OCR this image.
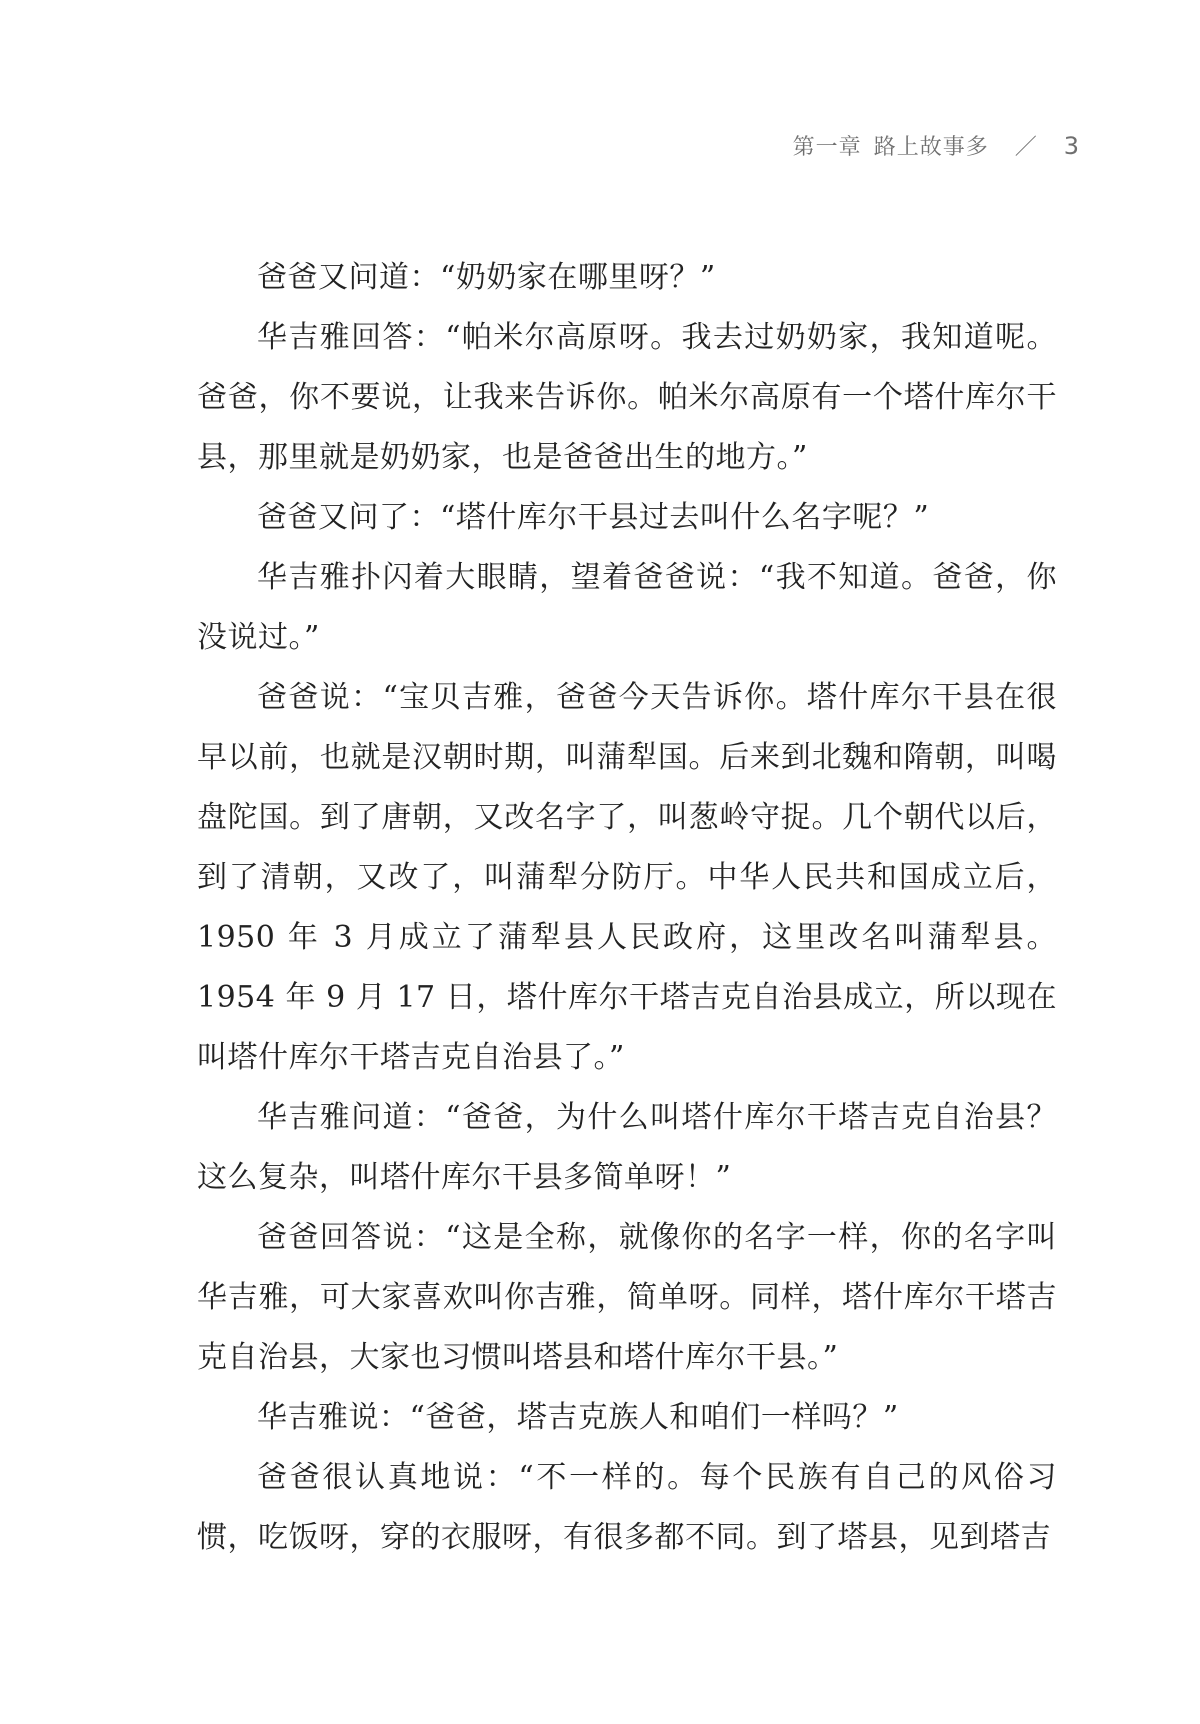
第一章 路上故事多 ／ 3

爸爸又问道：“奶奶家在哪里呀？”

华吉雅回答：“帕米尔高原呀。我去过奶奶家，我知道呢。爸爸，你不要说，让我来告诉你。帕米尔高原有一个塔什库尔干县，那里就是奶奶家，也是爸爸出生的地方。”

爸爸又问了：“塔什库尔干县过去叫什么名字呢？”

华吉雅扑闪着大眼睛，望着爸爸说：“我不知道。爸爸，你没说过。”

爸爸说：“宝贝吉雅，爸爸今天告诉你。塔什库尔干县在很早以前，也就是汉朝时期，叫蒲犁国。后来到北魏和隋朝，叫喝盘陀国。到了唐朝，又改名字了，叫葱岭守捉。几个朝代以后，到了清朝，又改了，叫蒲犁分防厅。中华人民共和国成立后，1950 年 3 月成立了蒲犁县人民政府，这里改名叫蒲犁县。1954 年 9 月 17 日，塔什库尔干塔吉克自治县成立，所以现在叫塔什库尔干塔吉克自治县了。”

华吉雅问道：“爸爸，为什么叫塔什库尔干塔吉克自治县？这么复杂，叫塔什库尔干县多简单呀！”

爸爸回答说：“这是全称，就像你的名字一样，你的名字叫华吉雅，可大家喜欢叫你吉雅，简单呀。同样，塔什库尔干塔吉克自治县，大家也习惯叫塔县和塔什库尔干县。”

华吉雅说：“爸爸，塔吉克族人和咱们一样吗？”

爸爸很认真地说：“不一样的。每个民族有自己的风俗习惯，吃饭呀，穿的衣服呀，有很多都不同。到了塔县，见到塔吉
